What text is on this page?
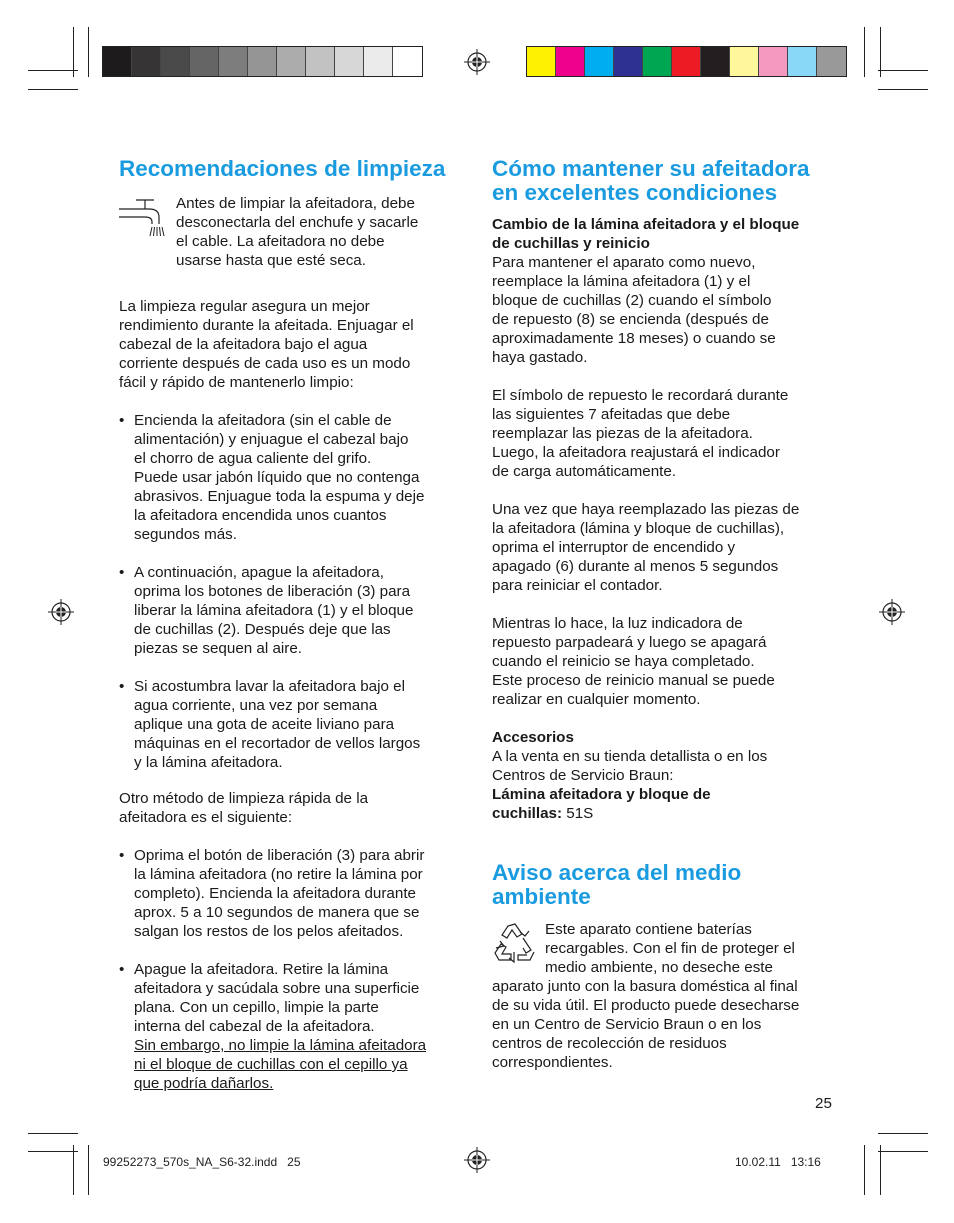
Recomendaciones de limpieza
Antes de limpiar la afeitadora, debe
desconectarla del enchufe y sacarle
el cable. La afeitadora no debe
usarse hasta que esté seca.
La limpieza regular asegura un mejor
rendimiento durante la afeitada. Enjuagar el
cabezal de la afeitadora bajo el agua
corriente después de cada uso es un modo
fácil y rápido de mantenerlo limpio:
• Encienda la afeitadora (sin el cable de
alimentación) y enjuague el cabezal bajo
el chorro de agua caliente del grifo.
Puede usar jabón líquido que no contenga
abrasivos. Enjuague toda la espuma y deje
la afeitadora encendida unos cuantos
segundos más.
• A continuación, apague la afeitadora,
oprima los botones de liberación (3) para
liberar la lámina afeitadora (1) y el bloque
de cuchillas (2). Después deje que las
piezas se sequen al aire.
• Si acostumbra lavar la afeitadora bajo el
agua corriente, una vez por semana
aplique una gota de aceite liviano para
máquinas en el recortador de vellos largos
y la lámina afeitadora.
Otro método de limpieza rápida de la
afeitadora es el siguiente:
• Oprima el botón de liberación (3) para abrir
la lámina afeitadora (no retire la lámina por
completo). Encienda la afeitadora durante
aprox. 5 a 10 segundos de manera que se
salgan los restos de los pelos afeitados.
• Apague la afeitadora. Retire la lámina
afeitadora y sacúdala sobre una superficie
plana. Con un cepillo, limpie la parte
interna del cabezal de la afeitadora.
Sin embargo, no limpie la lámina afeitadora
ni el bloque de cuchillas con el cepillo ya
que podría dañarlos.
Cómo mantener su afeitadora
en excelentes condiciones
Cambio de la lámina afeitadora y el bloque
de cuchillas y reinicio
Para mantener el aparato como nuevo,
reemplace la lámina afeitadora (1) y el
bloque de cuchillas (2) cuando el símbolo
de repuesto (8) se encienda (después de
aproximadamente 18 meses) o cuando se
haya gastado.
El símbolo de repuesto le recordará durante
las siguientes 7 afeitadas que debe
reemplazar las piezas de la afeitadora.
Luego, la afeitadora reajustará el indicador
de carga automáticamente.
Una vez que haya reemplazado las piezas de
la afeitadora (lámina y bloque de cuchillas),
oprima el interruptor de encendido y
apagado (6) durante al menos 5 segundos
para reiniciar el contador.
Mientras lo hace, la luz indicadora de
repuesto parpadeará y luego se apagará
cuando el reinicio se haya completado.
Este proceso de reinicio manual se puede
realizar en cualquier momento.
Accesorios
A la venta en su tienda detallista o en los
Centros de Servicio Braun:
Lámina afeitadora y bloque de
cuchillas: 51S
Aviso acerca del medio
ambiente
Este aparato contiene baterías
recargables. Con el fin de proteger el
medio ambiente, no deseche este
aparato junto con la basura doméstica al final
de su vida útil. El producto puede desecharse
en un Centro de Servicio Braun o en los
centros de recolección de residuos
correspondientes.
25
99252273_570s_NA_S6-32.indd   25	10.02.11   13:16
